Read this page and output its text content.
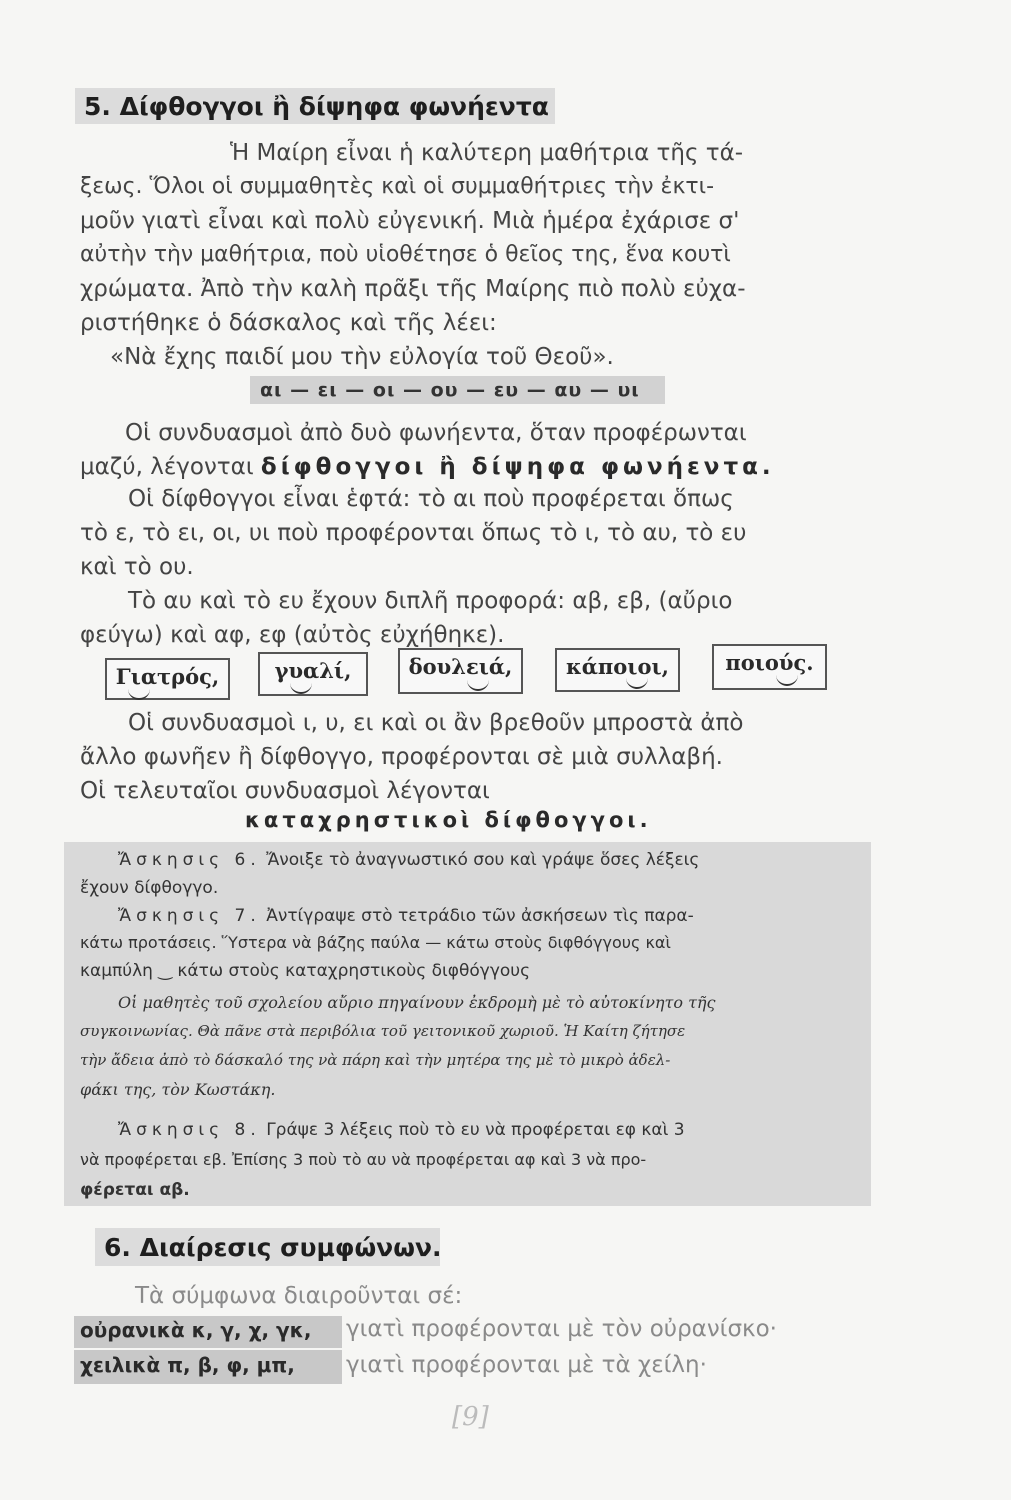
5. Δίφθογγοι ἢ δίψηφα φωνήεντα
Ἡ Μαίρη εἶναι ἡ καλύτερη μαθήτρια τῆς τά-
ξεως. Ὅλοι οἱ συμμαθητὲς καὶ οἱ συμμαθήτριες τὴν ἐκτι-
μοῦν γιατὶ εἶναι καὶ πολὺ εὐγενική. Μιὰ ἡμέρα ἐχάρισε σ'
αὐτὴν τὴν μαθήτρια, ποὺ υἱοθέτησε ὁ θεῖος της, ἕνα κουτὶ
χρώματα. Ἀπὸ τὴν καλὴ πρᾶξι τῆς Μαίρης πιὸ πολὺ εὐχα-
ριστήθηκε ὁ δάσκαλος καὶ τῆς λέει:
«Νὰ ἔχης παιδί μου τὴν εὐλογία τοῦ Θεοῦ».
αι — ει — οι — ου — ευ — αυ — υι
Οἱ συνδυασμοὶ ἀπὸ δυὸ φωνήεντα, ὅταν προφέρωνται
μαζύ, λέγονται δίφθογγοι ἢ δίψηφα φωνήεντα.
Οἱ δίφθογγοι εἶναι ἑφτά: τὸ αι ποὺ προφέρεται ὅπως
τὸ ε, τὸ ει, οι, υι ποὺ προφέρονται ὅπως τὸ ι, τὸ αυ, τὸ ευ
καὶ τὸ ου.
Τὸ αυ καὶ τὸ ευ ἔχουν διπλῆ προφορά: αβ, εβ, (αὔριο
φεύγω) καὶ αφ, εφ (αὐτὸς εὐχήθηκε).
Γιατρός,	γυαλί,	δουλειά,	κάποιοι,	ποιούς.
Οἱ συνδυασμοὶ ι, υ, ει καὶ οι ἂν βρεθοῦν μπροστὰ ἀπὸ
ἄλλο φωνῆεν ἢ δίφθογγο, προφέρονται σὲ μιὰ συλλαβή.
Οἱ τελευταῖοι συνδυασμοὶ λέγονται
καταχρηστικοὶ δίφθογγοι.
Ἄσκησις 6. Ἄνοιξε τὸ ἀναγνωστικό σου καὶ γράψε ὅσες λέξεις
ἔχουν δίφθογγο.
Ἄσκησις 7. Ἀντίγραψε στὸ τετράδιο τῶν ἀσκήσεων τὶς παρα-
κάτω προτάσεις. Ὕστερα νὰ βάζης παύλα — κάτω στοὺς διφθόγγους καὶ
καμπύλη ‿ κάτω στοὺς καταχρηστικοὺς διφθόγγους
Οἱ μαθητὲς τοῦ σχολείου αὔριο πηγαίνουν ἐκδρομὴ μὲ τὸ αὐτοκίνητο τῆς
συγκοινωνίας. Θὰ πᾶνε στὰ περιβόλια τοῦ γειτονικοῦ χωριοῦ. Ἡ Καίτη ζήτησε
τὴν ἄδεια ἀπὸ τὸ δάσκαλό της νὰ πάρη καὶ τὴν μητέρα της μὲ τὸ μικρὸ ἀδελ-
φάκι της, τὸν Κωστάκη.
Ἄσκησις 8. Γράψε 3 λέξεις ποὺ τὸ ευ νὰ προφέρεται εφ καὶ 3
νὰ προφέρεται εβ. Ἐπίσης 3 ποὺ τὸ αυ νὰ προφέρεται αφ καὶ 3 νὰ προ-
φέρεται αβ.
6. Διαίρεσις συμφώνων.
Τὰ σύμφωνα διαιροῦνται σέ:
οὐρανικὰ κ, γ, χ, γκ, γιατὶ προφέρονται μὲ τὸν οὐρανίσκο·
χειλικὰ π, β, φ, μπ, γιατὶ προφέρονται μὲ τὰ χείλη·
[9]
